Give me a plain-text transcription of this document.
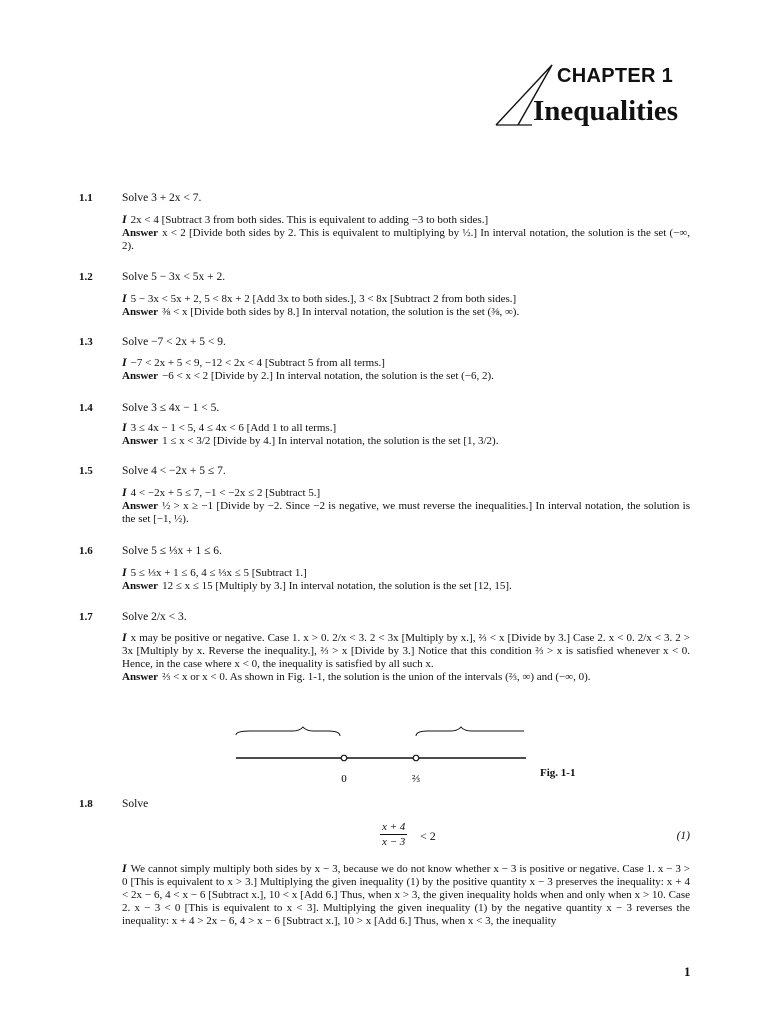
CHAPTER 1
Inequalities
1.1	Solve 3 + 2x < 7.
I 2x < 4 [Subtract 3 from both sides. This is equivalent to adding −3 to both sides.]
Answer x < 2 [Divide both sides by 2. This is equivalent to multiplying by ½.] In interval notation, the solution is the set (−∞, 2).
1.2	Solve 5 − 3x < 5x + 2.
I 5 − 3x < 5x + 2, 5 < 8x + 2 [Add 3x to both sides.], 3 < 8x [Subtract 2 from both sides.]
Answer ⅜ < x [Divide both sides by 8.] In interval notation, the solution is the set (⅜, ∞).
1.3	Solve −7 < 2x + 5 < 9.
I −7 < 2x + 5 < 9, −12 < 2x < 4 [Subtract 5 from all terms.]
Answer −6 < x < 2 [Divide by 2.] In interval notation, the solution is the set (−6, 2).
1.4	Solve 3 ≤ 4x − 1 < 5.
I 3 ≤ 4x − 1 < 5, 4 ≤ 4x < 6 [Add 1 to all terms.]
Answer 1 ≤ x < 3/2 [Divide by 4.] In interval notation, the solution is the set [1, 3/2).
1.5	Solve 4 < −2x + 5 ≤ 7.
I 4 < −2x + 5 ≤ 7, −1 < −2x ≤ 2 [Subtract 5.]
Answer ½ > x ≥ −1 [Divide by −2. Since −2 is negative, we must reverse the inequalities.] In interval notation, the solution is the set [−1, ½).
1.6	Solve 5 ≤ ⅓x + 1 ≤ 6.
I 5 ≤ ⅓x + 1 ≤ 6, 4 ≤ ⅓x ≤ 5 [Subtract 1.]
Answer 12 ≤ x ≤ 15 [Multiply by 3.] In interval notation, the solution is the set [12, 15].
1.7	Solve 2/x < 3.
I x may be positive or negative. Case 1. x > 0. 2/x < 3. 2 < 3x [Multiply by x.], ⅔ < x [Divide by 3.] Case 2. x < 0. 2/x < 3. 2 > 3x [Multiply by x. Reverse the inequality.], ⅔ > x [Divide by 3.] Notice that this condition ⅔ > x is satisfied whenever x < 0. Hence, in the case where x < 0, the inequality is satisfied by all such x.
Answer ⅔ < x or x < 0. As shown in Fig. 1-1, the solution is the union of the intervals (⅔, ∞) and (−∞, 0).
0	⅔	Fig. 1-1
1.8	Solve
$\frac{x + 4}{x - 3} < 2$	(1)
I We cannot simply multiply both sides by x − 3, because we do not know whether x − 3 is positive or negative. Case 1. x − 3 > 0 [This is equivalent to x > 3.] Multiplying the given inequality (1) by the positive quantity x − 3 preserves the inequality: x + 4 < 2x − 6, 4 < x − 6 [Subtract x.], 10 < x [Add 6.] Thus, when x > 3, the given inequality holds when and only when x > 10. Case 2. x − 3 < 0 [This is equivalent to x < 3]. Multiplying the given inequality (1) by the negative quantity x − 3 reverses the inequality: x + 4 > 2x − 6, 4 > x − 6 [Subtract x.], 10 > x [Add 6.] Thus, when x < 3, the inequality
1
